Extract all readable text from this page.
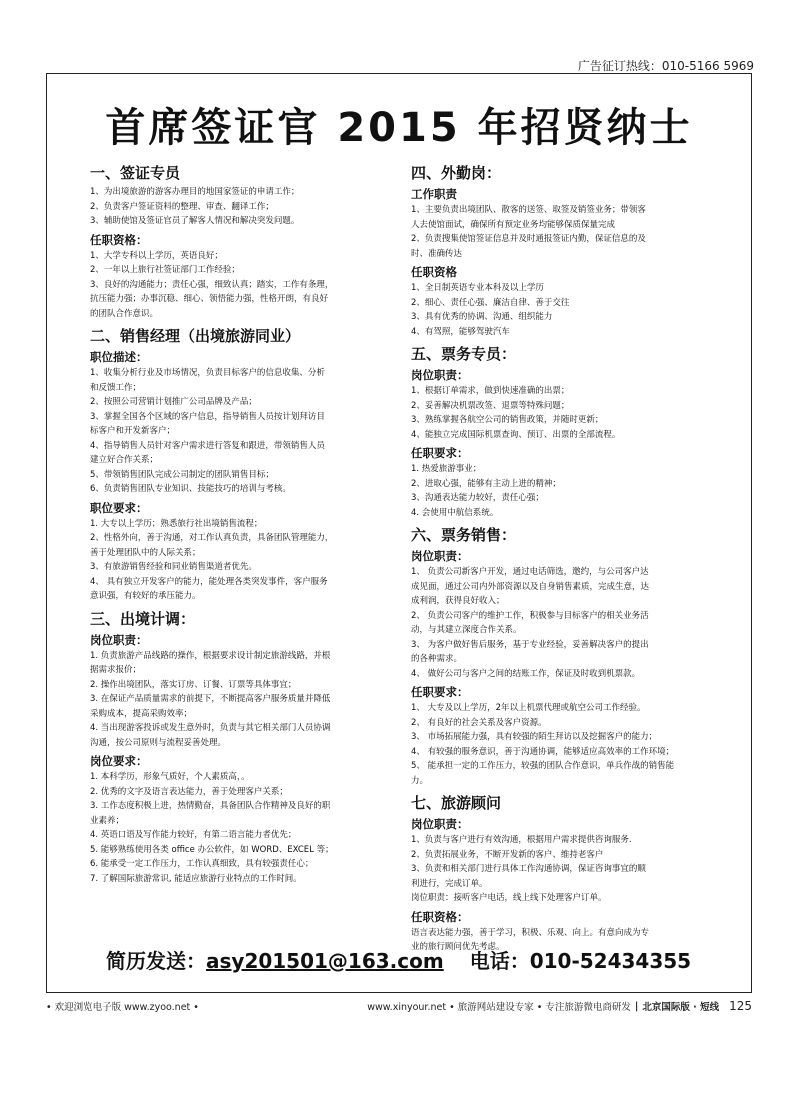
广告征订热线：010-5166 5969
首席签证官 2015 年招贤纳士
一、签证专员
1、为出境旅游的游客办理目的地国家签证的申请工作；
2、负责客户签证资料的整理、审查、翻译工作；
3、辅助使馆及签证官员了解客人情况和解决突发问题。
任职资格：
1、大学专科以上学历，英语良好；
2、一年以上旅行社签证部门工作经验；
3、良好的沟通能力；责任心强，细致认真；踏实，工作有条理，
抗压能力强；办事沉稳、细心、领悟能力强，性格开朗，有良好
的团队合作意识。
二、销售经理（出境旅游同业）
职位描述：
1、收集分析行业及市场情况，负责目标客户的信息收集、分析
和反馈工作；
2、按照公司营销计划推广公司品牌及产品；
3、掌握全国各个区域的客户信息，指导销售人员按计划拜访目
标客户和开发新客户；
4、指导销售人员针对客户需求进行答复和跟进，带领销售人员
建立好合作关系；
5、带领销售团队完成公司制定的团队销售目标；
6、负责销售团队专业知识、技能技巧的培训与考核。
职位要求：
1. 大专以上学历；熟悉旅行社出境销售流程；
2、性格外向，善于沟通，对工作认真负责，具备团队管理能力，
善于处理团队中的人际关系；
3、有旅游销售经验和同业销售渠道者优先。
4、 具有独立开发客户的能力，能处理各类突发事件，客户服务
意识强，有较好的承压能力。
三、出境计调：
岗位职责：
1. 负责旅游产品线路的操作，根据要求设计制定旅游线路，并根
据需求报价；
2. 操作出境团队，落实订房、订餐、订票等具体事宜；
3. 在保证产品质量需求的前提下，不断提高客户服务质量并降低
采购成本，提高采购效率；
4. 当出现游客投诉或发生意外时，负责与其它相关部门人员协调
沟通，按公司原则与流程妥善处理。
岗位要求：
1. 本科学历，形象气质好，个人素质高，。
2. 优秀的文字及语言表达能力，善于处理客户关系；
3. 工作态度积极上进，热情勤奋，具备团队合作精神及良好的职
业素养；
4. 英语口语及写作能力较好，有第二语言能力者优先；
5. 能够熟练使用各类 office 办公软件，如 WORD、EXCEL 等；
6. 能承受一定工作压力，工作认真细致，具有较强责任心；
7. 了解国际旅游常识, 能适应旅游行业特点的工作时间。
四、外勤岗：
工作职责
1、主要负责出境团队、散客的送签、取签及销签业务；带领客
人去使馆面试，确保所有预定业务均能够保质保量完成
2、负责搜集使馆签证信息并及时通报签证内勤，保证信息的及
时、准确传达
任职资格
1、全日制英语专业本科及以上学历
2、细心、责任心强、廉洁自律、善于交往
3、具有优秀的协调、沟通、组织能力
4、有驾照，能够驾驶汽车
五、票务专员：
岗位职责：
1、根据订单需求，做到快速准确的出票；
2、妥善解决机票改签、退票等特殊问题；
3、熟练掌握各航空公司的销售政策，并随时更新；
4、能独立完成国际机票查询、预订、出票的全部流程。
任职要求：
1. 热爱旅游事业；
2、进取心强，能够有主动上进的精神；
3、沟通表达能力较好，责任心强；
4. 会使用中航信系统。
六、票务销售：
岗位职责：
1、 负责公司新客户开发，通过电话筛选，邀约，与公司客户达
成见面，通过公司内外部资源以及自身销售素质，完成生意，达
成利润，获得良好收入；
2、 负责公司客户的维护工作，积极参与目标客户的相关业务活
动，与其建立深度合作关系。
3、 为客户做好售后服务，基于专业经验，妥善解决客户的提出
的各种需求。
4、 做好公司与客户之间的结账工作，保证及时收到机票款。
任职要求：
1、 大专及以上学历，2年以上机票代理或航空公司工作经验。
2、 有良好的社会关系及客户资源。
3、 市场拓展能力强，具有较强的陌生拜访以及挖掘客户的能力；
4、 有较强的服务意识，善于沟通协调，能够适应高效率的工作环境；
5、 能承担一定的工作压力，较强的团队合作意识，单兵作战的销售能
力。
七、旅游顾问
岗位职责：
1、负责与客户进行有效沟通，根据用户需求提供咨询服务.
2、负责拓展业务，不断开发新的客户、维持老客户
3、负责和相关部门进行具体工作沟通协调，保证咨询事宜的顺
利进行，完成订单。
岗位职责：接听客户电话，线上线下处理客户订单。
任职资格：
语言表达能力强，善于学习，积极、乐观、向上。有意向成为专
业的旅行顾问优先考虑。
简历发送：asy201501@163.com 电话：010-52434355
• 欢迎浏览电子版 www.zyoo.net •	www.xinyour.net • 旅游网站建设专家 • 专注旅游微电商研发 | 北京国际版 · 短线 125
